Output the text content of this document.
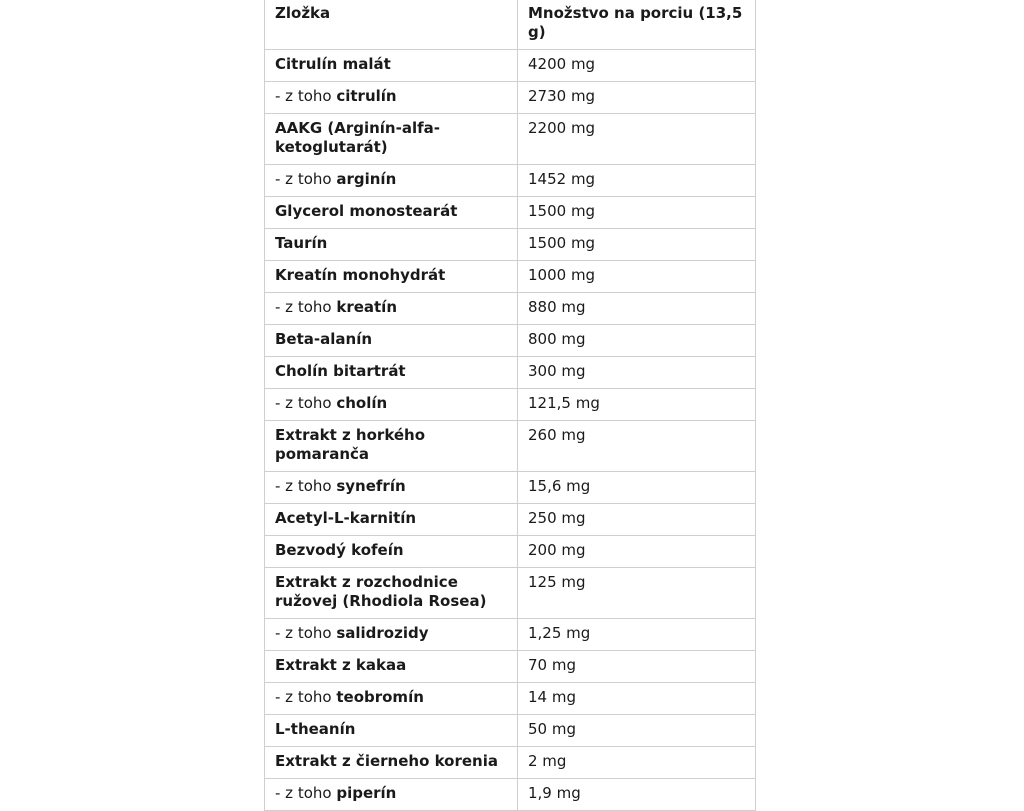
Zložka	Množstvo na porciu (13,5 g)
Citrulín malát	4200 mg
- z toho citrulín	2730 mg
AAKG (Arginín-alfa-ketoglutarát)	2200 mg
- z toho arginín	1452 mg
Glycerol monostearát	1500 mg
Taurín	1500 mg
Kreatín monohydrát	1000 mg
- z toho kreatín	880 mg
Beta-alanín	800 mg
Cholín bitartrát	300 mg
- z toho cholín	121,5 mg
Extrakt z horkého pomaranča	260 mg
- z toho synefrín	15,6 mg
Acetyl-L-karnitín	250 mg
Bezvodý kofeín	200 mg
Extrakt z rozchodnice ružovej (Rhodiola Rosea)	125 mg
- z toho salidrozidy	1,25 mg
Extrakt z kakaa	70 mg
- z toho teobromín	14 mg
L-theanín	50 mg
Extrakt z čierneho korenia	2 mg
- z toho piperín	1,9 mg
